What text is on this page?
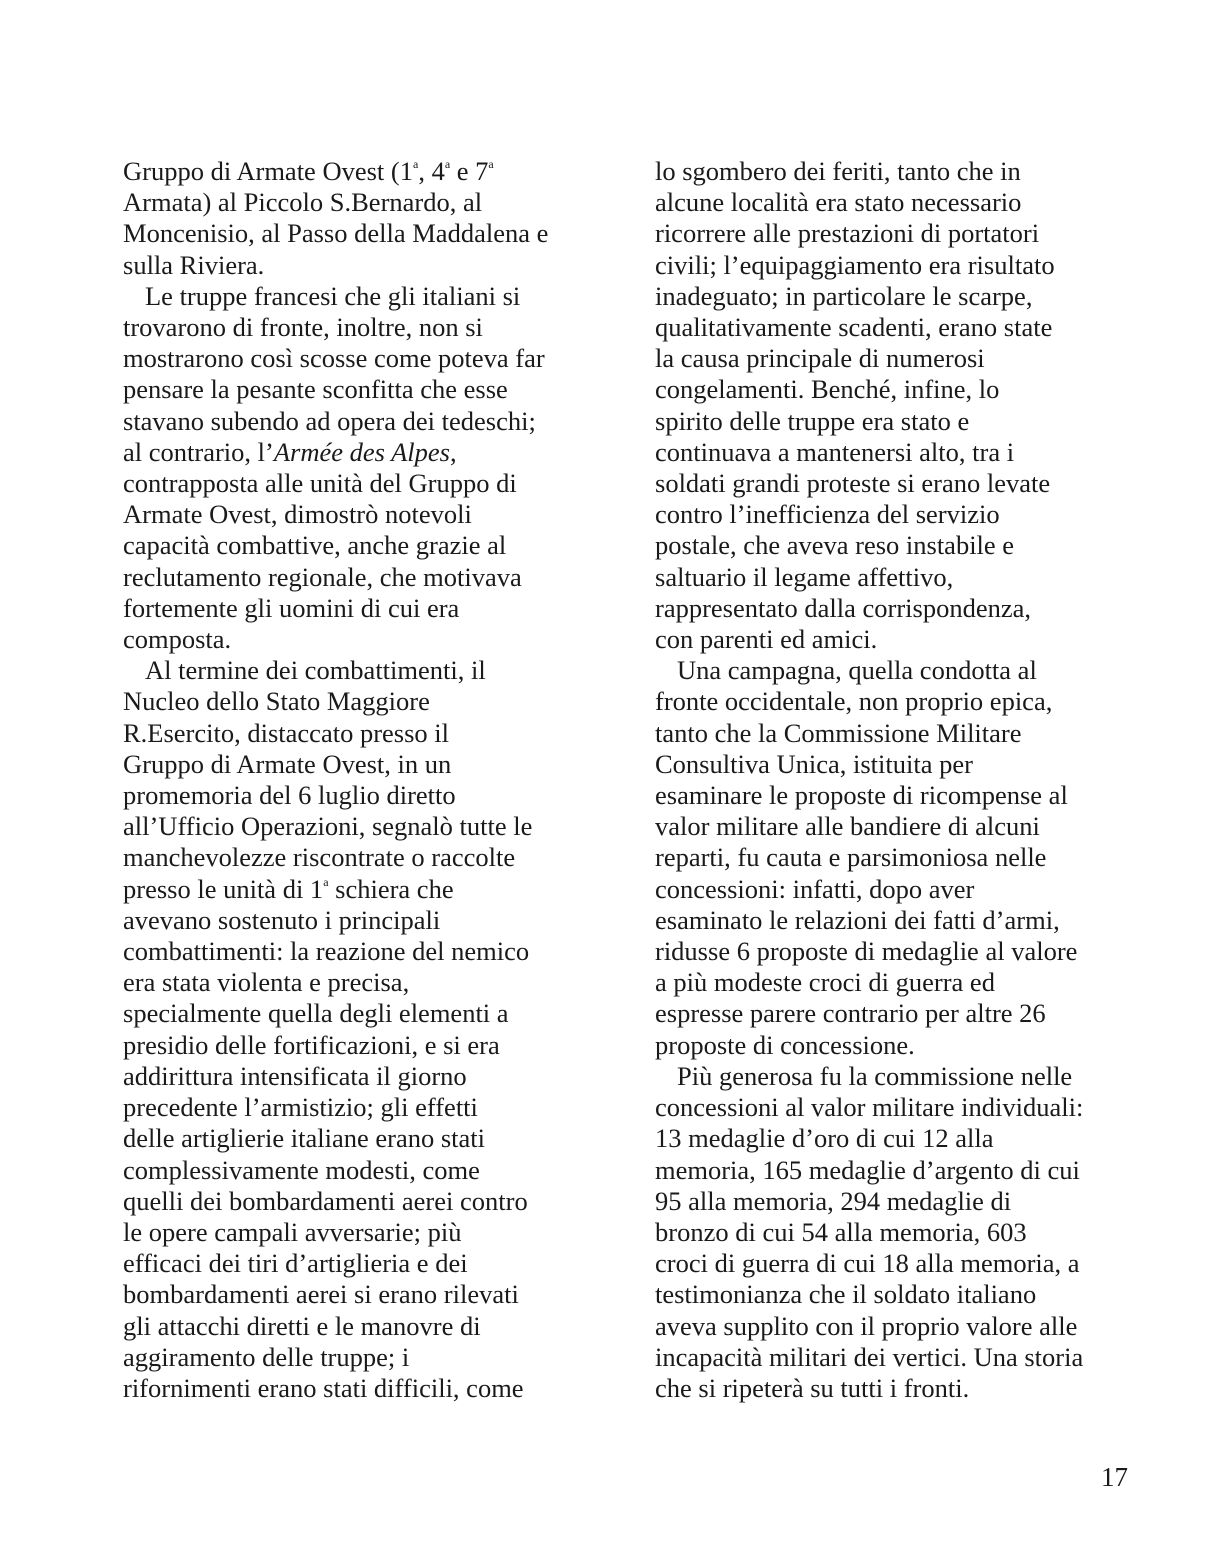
Gruppo di Armate Ovest (1$^a$, 4$^a$ e 7$^a$
Armata) al Piccolo S.Bernardo, al
Moncenisio, al Passo della Maddalena e
sulla Riviera.
Le truppe francesi che gli italiani si
trovarono di fronte, inoltre, non si
mostrarono così scosse come poteva far
pensare la pesante sconfitta che esse
stavano subendo ad opera dei tedeschi;
al contrario, l’Armée des Alpes,
contrapposta alle unità del Gruppo di
Armate Ovest, dimostrò notevoli
capacità combattive, anche grazie al
reclutamento regionale, che motivava
fortemente gli uomini di cui era
composta.
Al termine dei combattimenti, il
Nucleo dello Stato Maggiore
R.Esercito, distaccato presso il
Gruppo di Armate Ovest, in un
promemoria del 6 luglio diretto
all’Ufficio Operazioni, segnalò tutte le
manchevolezze riscontrate o raccolte
presso le unità di 1$^a$ schiera che
avevano sostenuto i principali
combattimenti: la reazione del nemico
era stata violenta e precisa,
specialmente quella degli elementi a
presidio delle fortificazioni, e si era
addirittura intensificata il giorno
precedente l’armistizio; gli effetti
delle artiglierie italiane erano stati
complessivamente modesti, come
quelli dei bombardamenti aerei contro
le opere campali avversarie; più
efficaci dei tiri d’artiglieria e dei
bombardamenti aerei si erano rilevati
gli attacchi diretti e le manovre di
aggiramento delle truppe; i
rifornimenti erano stati difficili, come
lo sgombero dei feriti, tanto che in
alcune località era stato necessario
ricorrere alle prestazioni di portatori
civili; l’equipaggiamento era risultato
inadeguato; in particolare le scarpe,
qualitativamente scadenti, erano state
la causa principale di numerosi
congelamenti. Benché, infine, lo
spirito delle truppe era stato e
continuava a mantenersi alto, tra i
soldati grandi proteste si erano levate
contro l’inefficienza del servizio
postale, che aveva reso instabile e
saltuario il legame affettivo,
rappresentato dalla corrispondenza,
con parenti ed amici.
Una campagna, quella condotta al
fronte occidentale, non proprio epica,
tanto che la Commissione Militare
Consultiva Unica, istituita per
esaminare le proposte di ricompense al
valor militare alle bandiere di alcuni
reparti, fu cauta e parsimoniosa nelle
concessioni: infatti, dopo aver
esaminato le relazioni dei fatti d’armi,
ridusse 6 proposte di medaglie al valore
a più modeste croci di guerra ed
espresse parere contrario per altre 26
proposte di concessione.
Più generosa fu la commissione nelle
concessioni al valor militare individuali:
13 medaglie d’oro di cui 12 alla
memoria, 165 medaglie d’argento di cui
95 alla memoria, 294 medaglie di
bronzo di cui 54 alla memoria, 603
croci di guerra di cui 18 alla memoria, a
testimonianza che il soldato italiano
aveva supplito con il proprio valore alle
incapacità militari dei vertici. Una storia
che si ripeterà su tutti i fronti.
17
